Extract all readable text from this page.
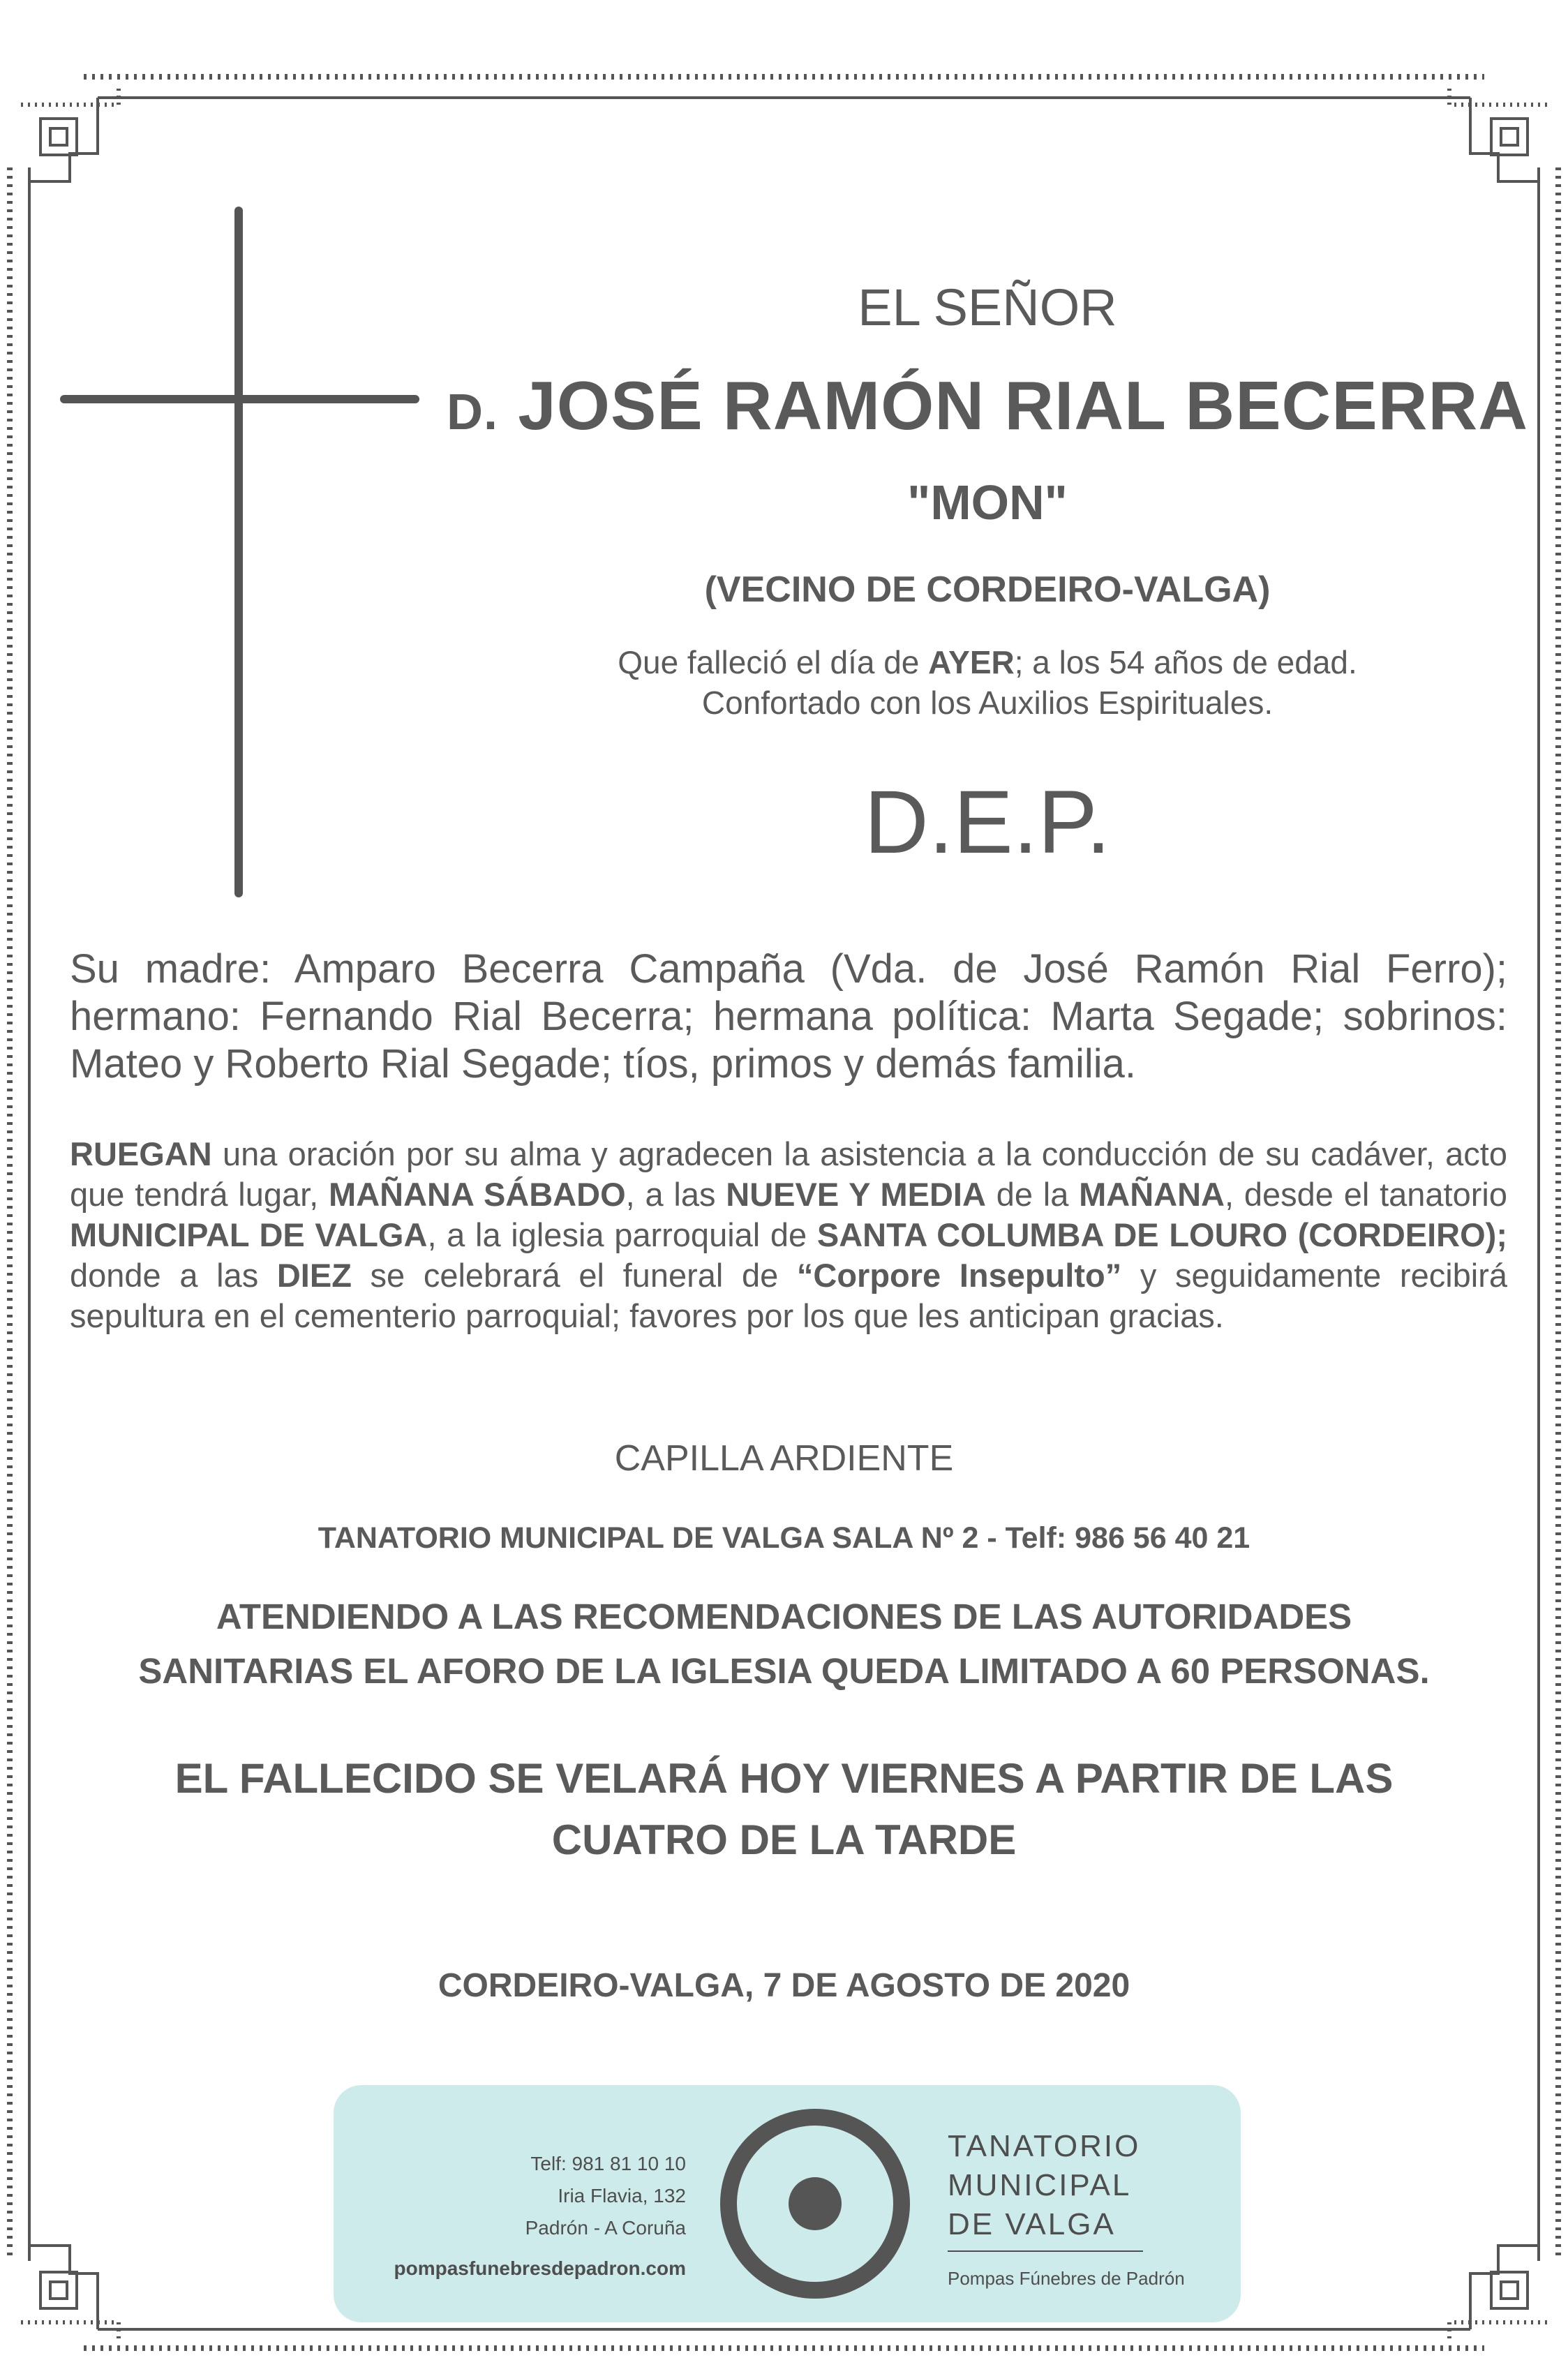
EL SEÑOR
D. JOSÉ RAMÓN RIAL BECERRA
"MON"
(VECINO DE CORDEIRO-VALGA)
Que falleció el día de AYER; a los 54 años de edad.
Confortado con los Auxilios Espirituales.
D.E.P.

Su madre: Amparo Becerra Campaña (Vda. de José Ramón Rial Ferro); hermano: Fernando Rial Becerra; hermana política: Marta Segade; sobrinos: Mateo y Roberto Rial Segade; tíos, primos y demás familia.

RUEGAN una oración por su alma y agradecen la asistencia a la conducción de su cadáver, acto que tendrá lugar, MAÑANA SÁBADO, a las NUEVE Y MEDIA de la MAÑANA, desde el tanatorio MUNICIPAL DE VALGA, a la iglesia parroquial de SANTA COLUMBA DE LOURO (CORDEIRO); donde a las DIEZ se celebrará el funeral de “Corpore Insepulto” y seguidamente recibirá sepultura en el cementerio parroquial; favores por los que les anticipan gracias.

CAPILLA ARDIENTE
TANATORIO MUNICIPAL DE VALGA SALA Nº 2 - Telf: 986 56 40 21
ATENDIENDO A LAS RECOMENDACIONES DE LAS AUTORIDADES
SANITARIAS EL AFORO DE LA IGLESIA QUEDA LIMITADO A 60 PERSONAS.
EL FALLECIDO SE VELARÁ HOY VIERNES A PARTIR DE LAS
CUATRO DE LA TARDE
CORDEIRO-VALGA, 7 DE AGOSTO DE 2020
Telf: 981 81 10 10
Iria Flavia, 132
Padrón - A Coruña
pompasfunebresdepadron.com
TANATORIO
MUNICIPAL
DE VALGA
Pompas Fúnebres de Padrón
